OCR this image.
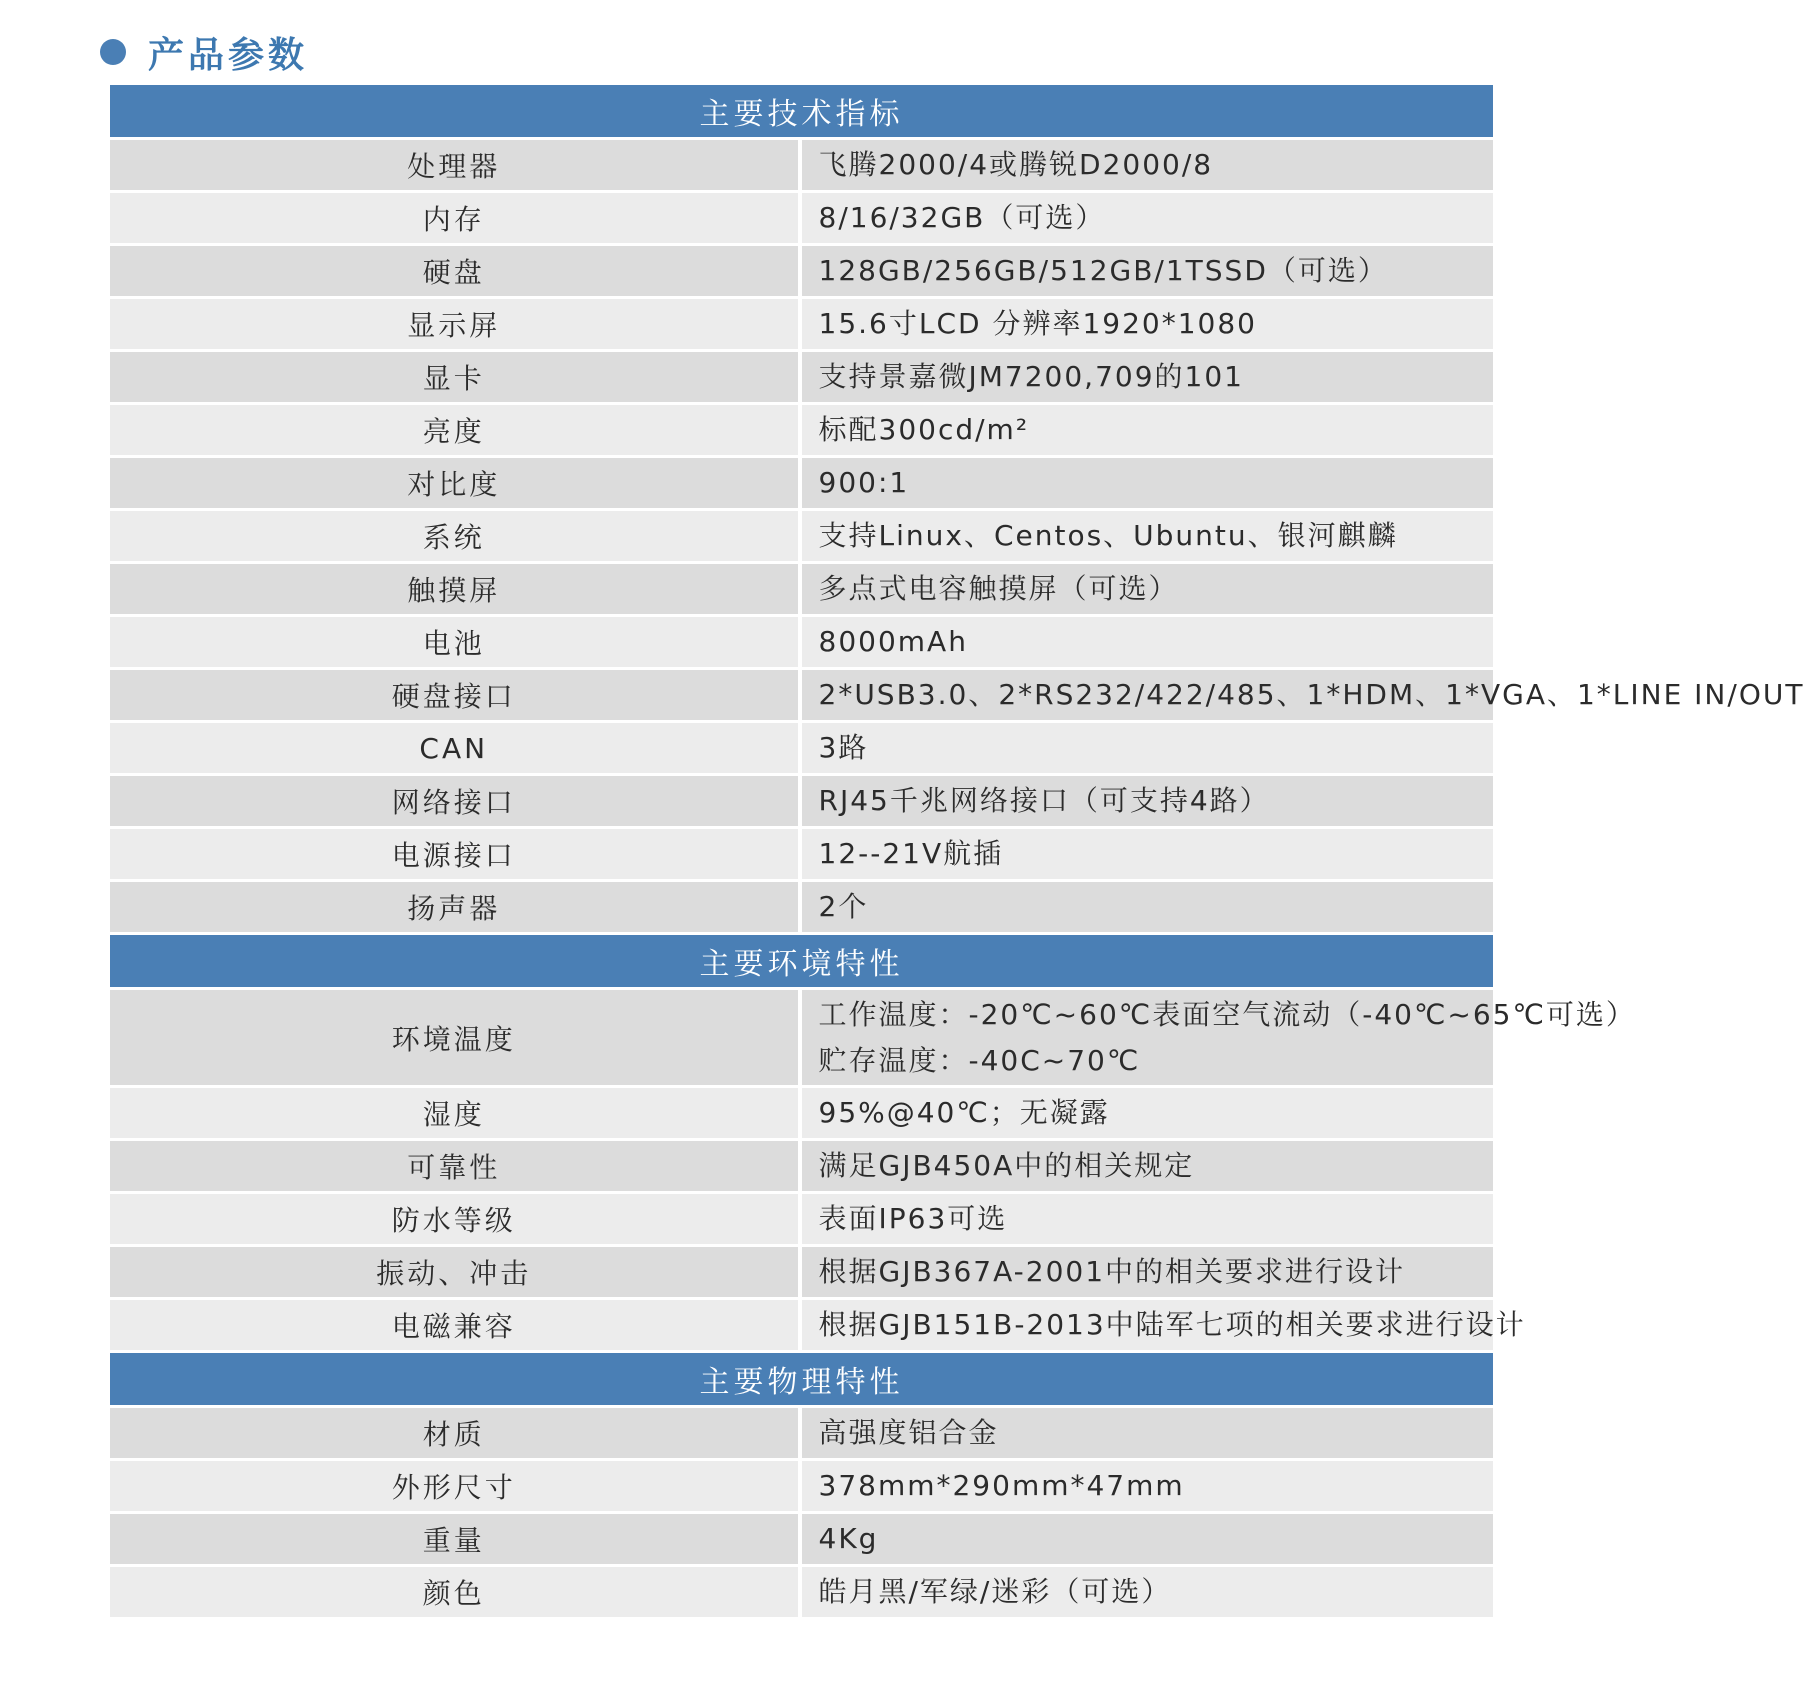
产品参数
主要技术指标	
处理器	飞腾2000/4或腾锐D2000/8

内存	8/16/32GB（可选）

硬盘	128GB/256GB/512GB/1TSSD（可选）

显示屏	15.6寸LCD 分辨率1920*1080

显卡	支持景嘉微JM7200,709的101

亮度	标配300cd/m²

对比度	900:1

系统	支持Linux、Centos、Ubuntu、银河麒麟

触摸屏	多点式电容触摸屏（可选）

电池	8000mAh

硬盘接口	2*USB3.0、2*RS232/422/485、1*HDM、1*VGA、1*LINE IN/OUT

CAN	3路

网络接口	RJ45千兆网络接口（可支持4路）

电源接口	12--21V航插

扬声器	2个

主要环境特性	
环境温度	工作温度：-20℃~60℃表面空气流动（-40℃~65℃可选）
贮存温度：-40C~70℃

湿度	95%@40℃；无凝露

可靠性	满足GJB450A中的相关规定

防水等级	表面IP63可选

振动、冲击	根据GJB367A-2001中的相关要求进行设计

电磁兼容	根据GJB151B-2013中陆军七项的相关要求进行设计

主要物理特性	
材质	高强度铝合金

外形尺寸	378mm*290mm*47mm

重量	4Kg

颜色	皓月黑/军绿/迷彩（可选）
